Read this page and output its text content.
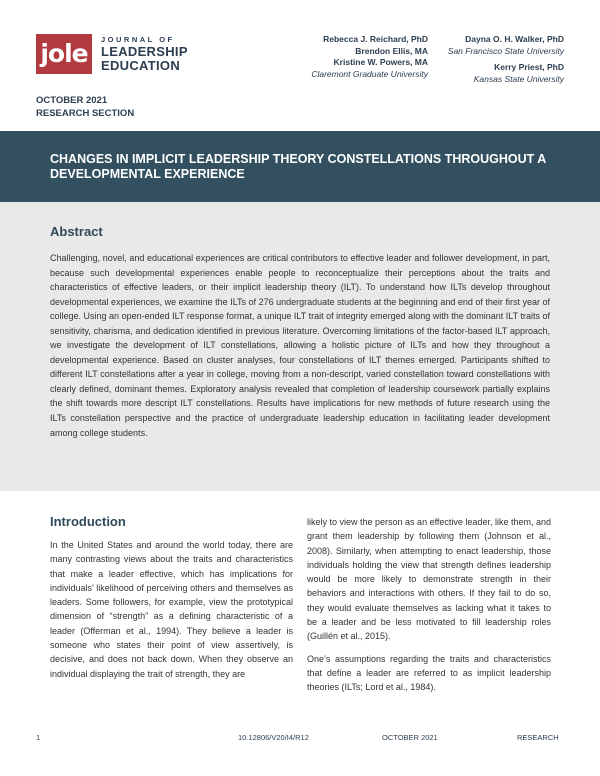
jole	JOURNAL OF
LEADERSHIP
EDUCATION
Rebecca J. Reichard, PhD
Brendon Ellis, MA
Kristine W. Powers, MA
Claremont Graduate University
Dayna O. H. Walker, PhD
San Francisco State University
Kerry Priest, PhD
Kansas State University
OCTOBER 2021
RESEARCH SECTION
CHANGES IN IMPLICIT LEADERSHIP THEORY CONSTELLATIONS THROUGHOUT A DEVELOPMENTAL EXPERIENCE
Abstract
Challenging, novel, and educational experiences are critical contributors to effective leader and follower development, in part, because such developmental experiences enable people to reconceptualize their perceptions about the traits and characteristics of effective leaders, or their implicit leadership theory (ILT). To understand how ILTs develop throughout developmental experiences, we examine the ILTs of 276 undergraduate students at the beginning and end of their first year of college. Using an open-ended ILT response format, a unique ILT trait of integrity emerged along with the dominant ILT traits of sensitivity, charisma, and dedication identified in previous literature. Overcoming limitations of the factor-based ILT approach, we investigate the development of ILT constellations, allowing a holistic picture of ILTs and how they throughout a developmental experience. Based on cluster analyses, four constellations of ILT themes emerged. Participants shifted to different ILT constellations after a year in college, moving from a non-descript, varied constellation toward constellations with clearly defined, dominant themes. Exploratory analysis revealed that completion of leadership coursework partially explains the shift towards more descript ILT constellations. Results have implications for new methods of future research using the ILTs constellation perspective and the practice of undergraduate leadership education in facilitating leader development among college students.
Introduction

In the United States and around the world today, there are many contrasting views about the traits and characteristics that make a leader effective, which has implications for individuals’ likelihood of perceiving others and themselves as leaders. Some followers, for example, view the prototypical dimension of “strength” as a defining characteristic of a leader (Offerman et al., 1994). They believe a leader is someone who states their point of view assertively, is decisive, and does not back down. When they observe an individual displaying the trait of strength, they are

likely to view the person as an effective leader, like them, and grant them leadership by following them (Johnson et al., 2008). Similarly, when attempting to enact leadership, those individuals holding the view that strength defines leadership would be more likely to demonstrate strength in their behaviors and interactions with others. If they fail to do so, they would evaluate themselves as lacking what it takes to be a leader and be less motivated to fill leadership roles (Guillén et al., 2015).

One’s assumptions regarding the traits and characteristics that define a leader are referred to as implicit leadership theories (ILTs; Lord et al., 1984).

1	10.12806/V20/I4/R12	OCTOBER 2021	RESEARCH
